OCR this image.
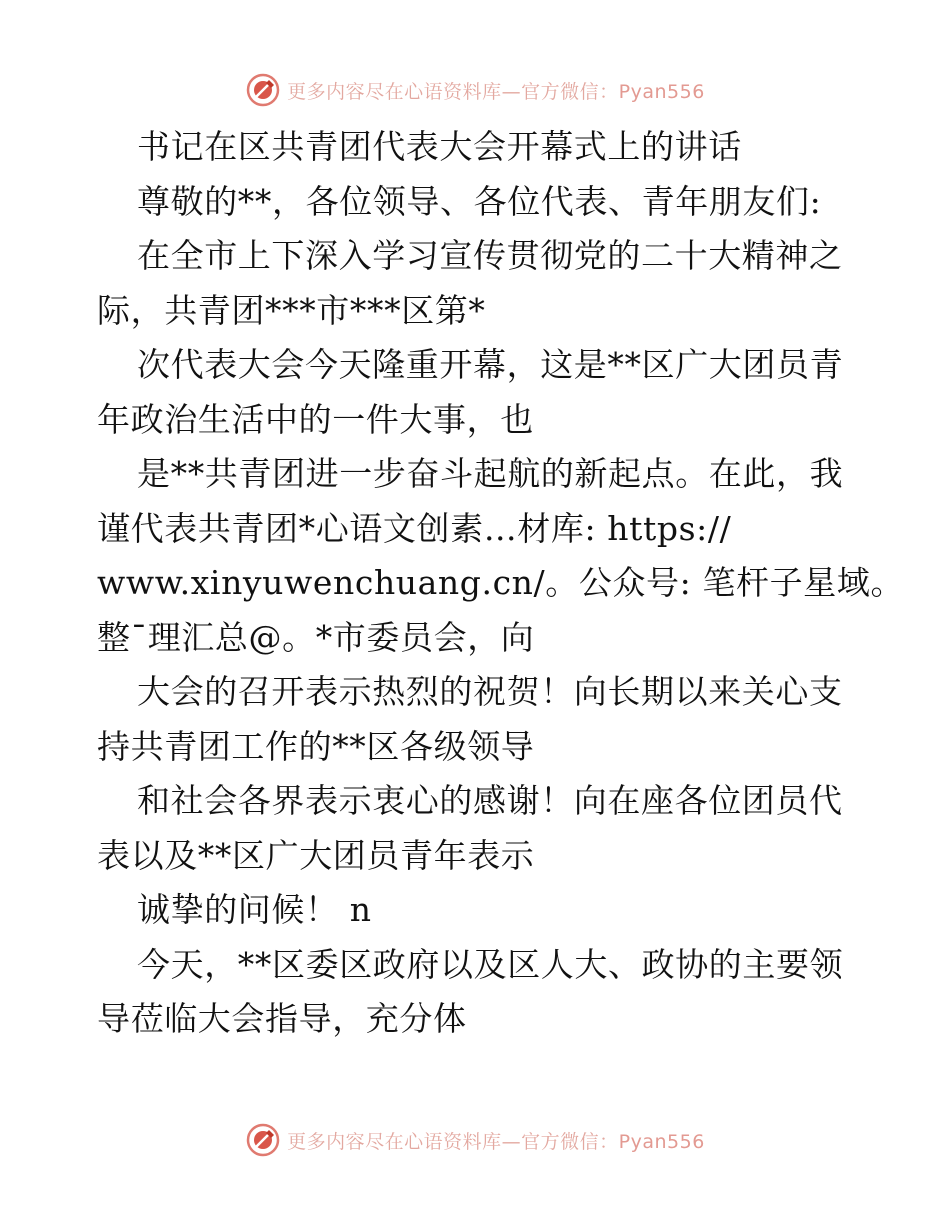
更多内容尽在心语资料库—官方微信：Pyan556
书记在区共青团代表大会开幕式上的讲话
尊敬的**，各位领导、各位代表、青年朋友们:
在全市上下深入学习宣传贯彻党的二十大精神之
际，共青团***市***区第*
次代表大会今天隆重开幕，这是**区广大团员青
年政治生活中的一件大事，也
是**共青团进一步奋斗起航的新起点。在此，我
谨代表共青团*心语文创素…材库: https://
www.xinyuwenchuang.cn/。公众号: 笔杆子星域。
整¯理汇总@。*市委员会，向
大会的召开表示热烈的祝贺！向长期以来关心支
持共青团工作的**区各级领导
和社会各界表示衷心的感谢！向在座各位团员代
表以及**区广大团员青年表示
诚挚的问候！ n
今天，**区委区政府以及区人大、政协的主要领
导莅临大会指导，充分体
更多内容尽在心语资料库—官方微信：Pyan556
